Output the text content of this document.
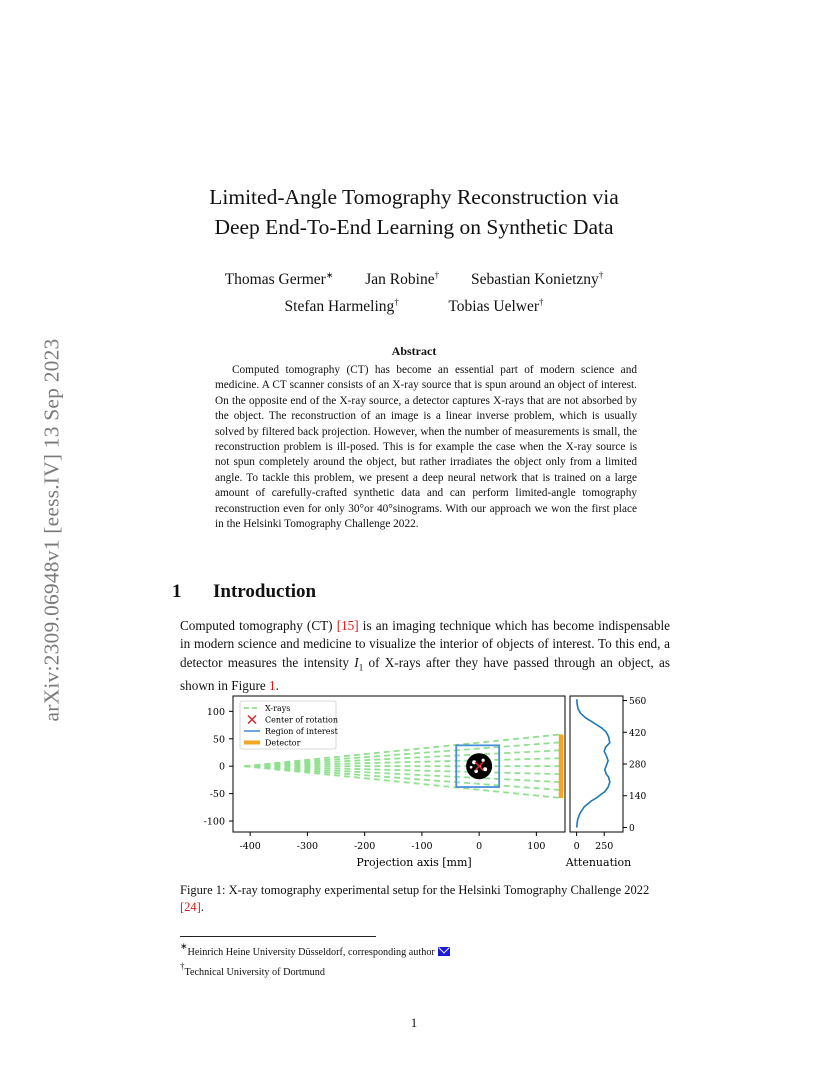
arXiv:2309.06948v1 [eess.IV] 13 Sep 2023
Limited-Angle Tomography Reconstruction via
Deep End-To-End Learning on Synthetic Data
Thomas Germer∗ Jan Robine† Sebastian Konietzny†
Stefan Harmeling†	Tobias Uelwer†
Abstract

Computed tomography (CT) has become an essential part of modern science and medicine. A CT scanner consists of an X-ray source that is spun around an object of interest. On the opposite end of the X-ray source, a detector captures X-rays that are not absorbed by the object. The reconstruction of an image is a linear inverse problem, which is usually solved by filtered back projection. However, when the number of measurements is small, the reconstruction problem is ill-posed. This is for example the case when the X-ray source is not spun completely around the object, but rather irradiates the object only from a limited angle. To tackle this problem, we present a deep neural network that is trained on a large amount of carefully-crafted synthetic data and can perform limited-angle tomography reconstruction even for only 30°or 40°sinograms. With our approach we won the first place in the Helsinki Tomography Challenge 2022.

1 Introduction

Computed tomography (CT) [15] is an imaging technique which has become indispensable in modern science and medicine to visualize the interior of objects of interest. To this end, a detector measures the intensity $I_1$ of X-rays after they have passed through an object, as shown in Figure 1.

-400	-300	-200	-100	0	100
100
50
0
-50
-100
Projection axis [mm]
X-rays
Center of rotation
Region of interest
Detector
0 250
560
420
280
140
0
Attenuation
Figure 1: X-ray tomography experimental setup for the Helsinki Tomography Challenge 2022 [24].
∗Heinrich Heine University Düsseldorf, corresponding author
†Technical University of Dortmund
1
